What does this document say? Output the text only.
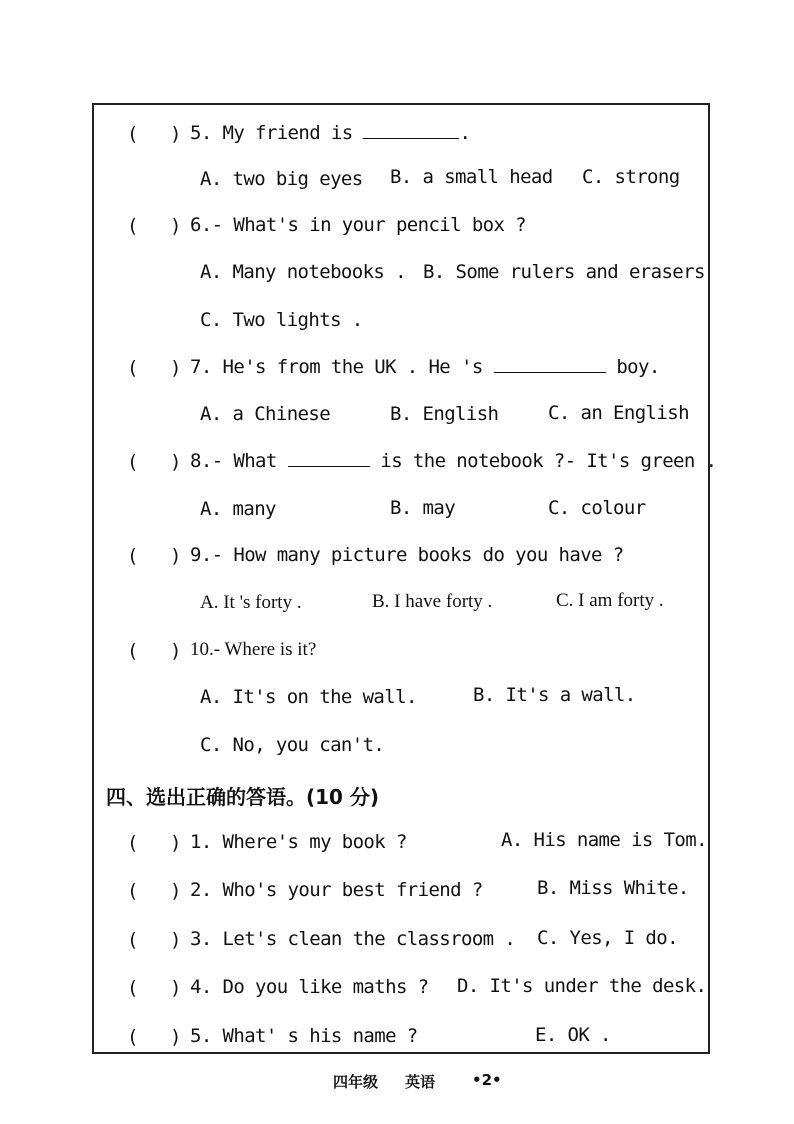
( ) 5. My friend is	.
A. two big eyes B. a small head C. strong
( ) 6.- What's in your pencil box ?
A. Many notebooks . B. Some rulers and erasers
C. Two lights .
( ) 7. He's from the UK . He 's	boy.
A. a Chinese	B. English	C. an English
( ) 8.- What	is the notebook ?- It's green .
A. many	B. may	C. colour
( ) 9.- How many picture books do you have ?
A. It 's forty .	B. I have forty .	C. I am forty .
( ) 10.- Where is it?
A. It's on the wall.	B. It's a wall.
C. No, you can't.
四、选出正确的答语。(10 分)
( ) 1. Where's my book ?	A. His name is Tom.
( ) 2. Who's your best friend ?	B. Miss White.
( ) 3. Let's clean the classroom . C. Yes, I do.
( ) 4. Do you like maths ? D. It's under the desk.
( ) 5. What' s his name ?	E. OK .
四年级 英语 •2•
